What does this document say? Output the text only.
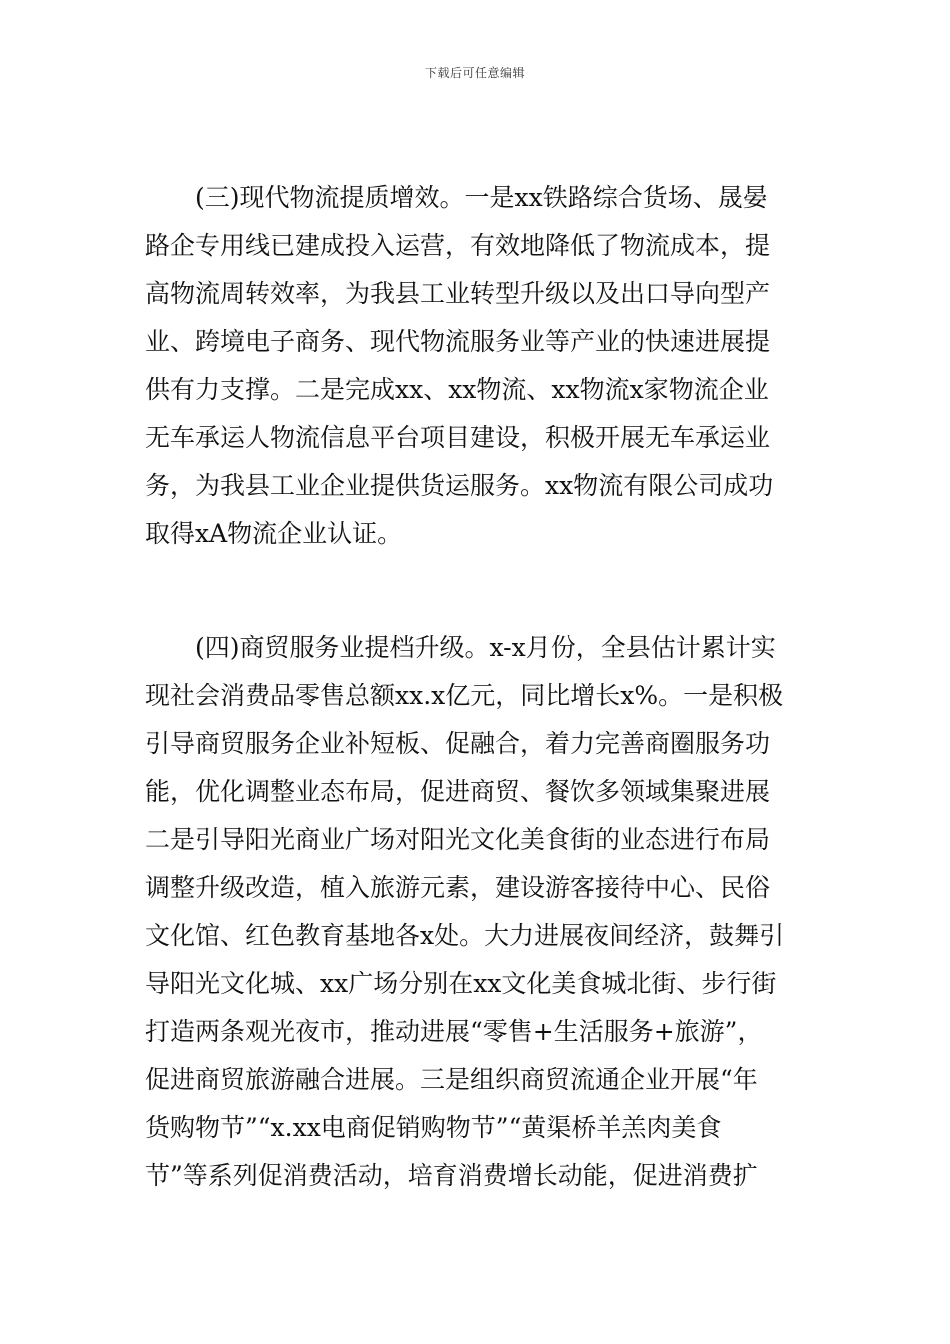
下载后可任意编辑
　　(三)现代物流提质增效。一是xx铁路综合货场、晟晏
路企专用线已建成投入运营，有效地降低了物流成本，提
高物流周转效率，为我县工业转型升级以及出口导向型产
业、跨境电子商务、现代物流服务业等产业的快速进展提
供有力支撑。二是完成xx、xx物流、xx物流x家物流企业
无车承运人物流信息平台项目建设，积极开展无车承运业
务，为我县工业企业提供货运服务。xx物流有限公司成功
取得xA物流企业认证。
　　(四)商贸服务业提档升级。x-x月份，全县估计累计实
现社会消费品零售总额xx.x亿元，同比增长x%。一是积极
引导商贸服务企业补短板、促融合，着力完善商圈服务功
能，优化调整业态布局，促进商贸、餐饮多领域集聚进展
二是引导阳光商业广场对阳光文化美食街的业态进行布局
调整升级改造，植入旅游元素，建设游客接待中心、民俗
文化馆、红色教育基地各x处。大力进展夜间经济，鼓舞引
导阳光文化城、xx广场分别在xx文化美食城北街、步行街
打造两条观光夜市，推动进展“零售+生活服务+旅游”，
促进商贸旅游融合进展。三是组织商贸流通企业开展“年
货购物节”“x.xx电商促销购物节”“黄渠桥羊羔肉美食
节”等系列促消费活动，培育消费增长动能，促进消费扩
